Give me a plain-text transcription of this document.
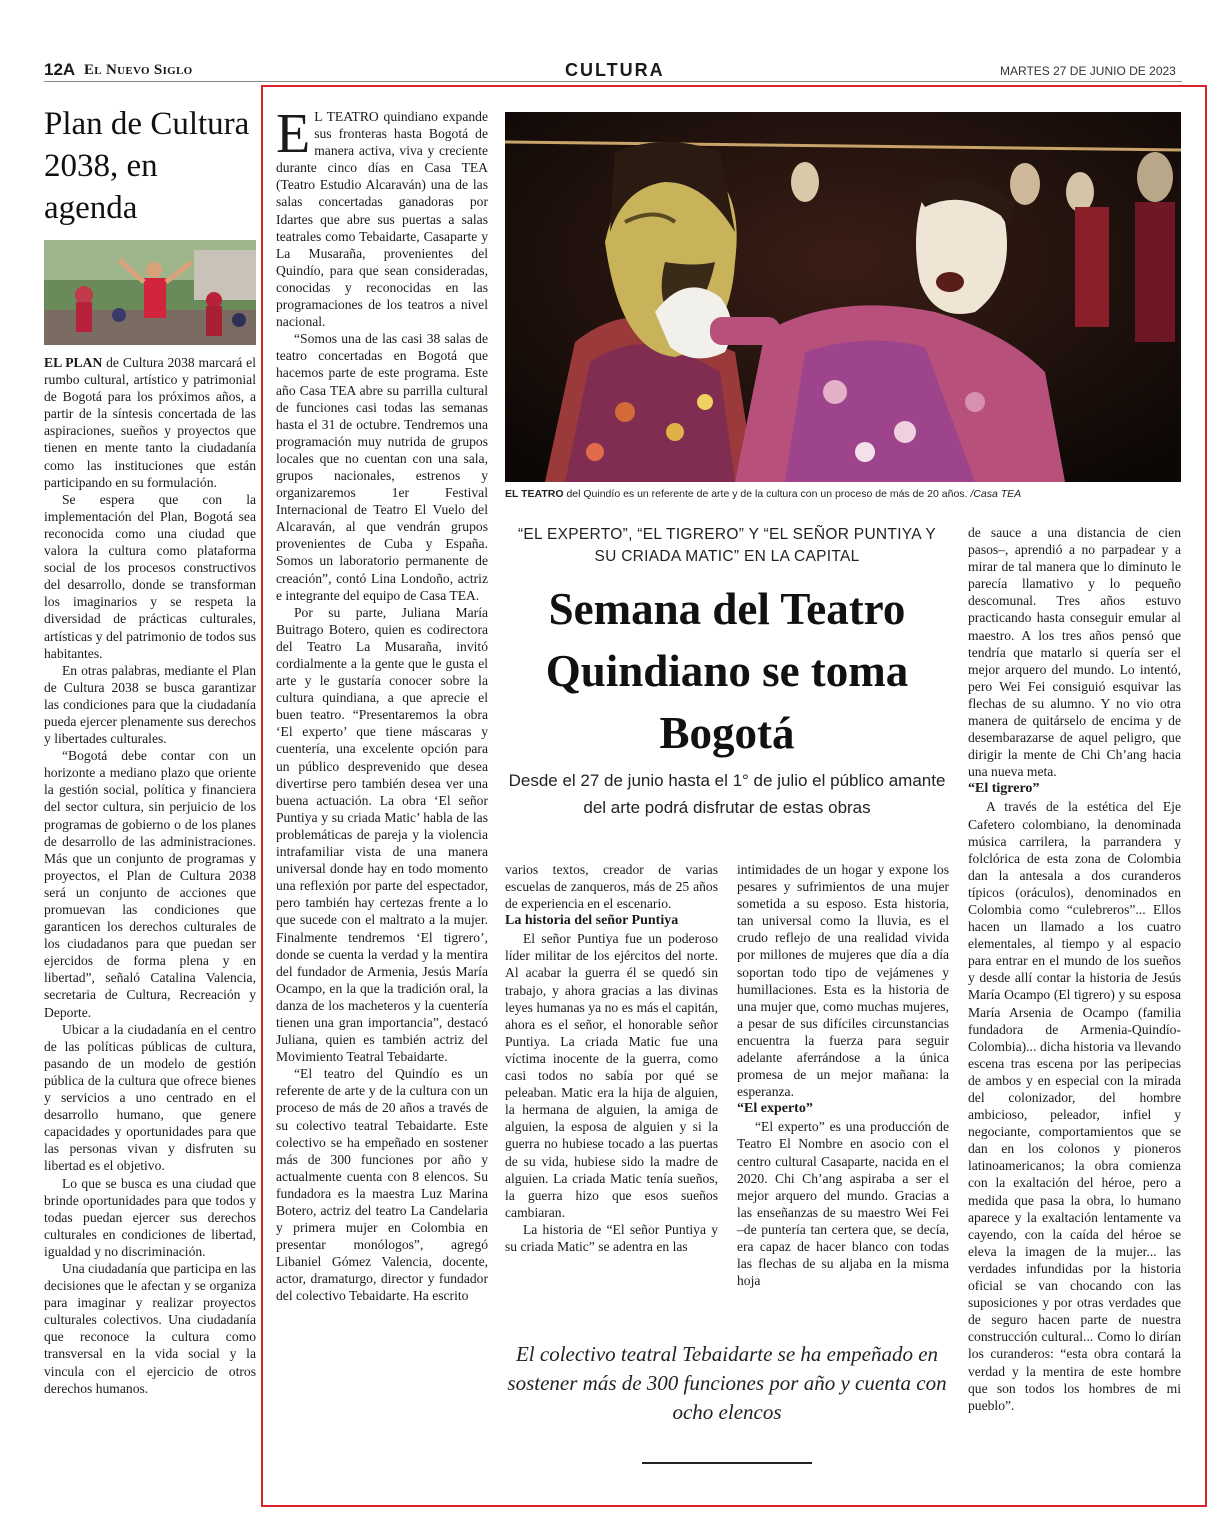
12A El Nuevo Siglo	CULTURA	MARTES 27 DE JUNIO DE 2023
Plan de Cultura 2038, en agenda

EL PLAN de Cultura 2038 marcará el rumbo cultural, artístico y patrimonial de Bogotá para los próximos años, a partir de la síntesis concertada de las aspiraciones, sueños y proyectos que tienen en mente tanto la ciudadanía como las instituciones que están participando en su formulación.

Se espera que con la implementación del Plan, Bogotá sea reconocida como una ciudad que valora la cultura como plataforma social de los procesos constructivos del desarrollo, donde se transforman los imaginarios y se respeta la diversidad de prácticas culturales, artísticas y del patrimonio de todos sus habitantes.

En otras palabras, mediante el Plan de Cultura 2038 se busca garantizar las condiciones para que la ciudadanía pueda ejercer plenamente sus derechos y libertades culturales.

“Bogotá debe contar con un horizonte a mediano plazo que oriente la gestión social, política y financiera del sector cultura, sin perjuicio de los programas de gobierno o de los planes de desarrollo de las administraciones. Más que un conjunto de programas y proyectos, el Plan de Cultura 2038 será un conjunto de acciones que promuevan las condiciones que garanticen los derechos culturales de los ciudadanos para que puedan ser ejercidos de forma plena y en libertad”, señaló Catalina Valencia, secretaria de Cultura, Recreación y Deporte.

Ubicar a la ciudadanía en el centro de las políticas públicas de cultura, pasando de un modelo de gestión pública de la cultura que ofrece bienes y servicios a uno centrado en el desarrollo humano, que genere capacidades y oportunidades para que las personas vivan y disfruten su libertad es el objetivo.

Lo que se busca es una ciudad que brinde oportunidades para que todos y todas puedan ejercer sus derechos culturales en condiciones de libertad, igualdad y no discriminación.

Una ciudadanía que participa en las decisiones que le afectan y se organiza para imaginar y realizar proyectos culturales colectivos. Una ciudadanía que reconoce la cultura como transversal en la vida social y la vincula con el ejercicio de otros derechos humanos.

E L TEATRO quindiano expande sus fronteras hasta Bogotá de manera activa, viva y creciente durante cinco días en Casa TEA (Teatro Estudio Alcaraván) una de las salas concertadas ganadoras por Idartes que abre sus puertas a salas teatrales como Tebaidarte, Casaparte y La Musaraña, provenientes del Quindío, para que sean consideradas, conocidas y reconocidas en las programaciones de los teatros a nivel nacional.

“Somos una de las casi 38 salas de teatro concertadas en Bogotá que hacemos parte de este programa. Este año Casa TEA abre su parrilla cultural de funciones casi todas las semanas hasta el 31 de octubre. Tendremos una programación muy nutrida de grupos locales que no cuentan con una sala, grupos nacionales, estrenos y organizaremos 1er Festival Internacional de Teatro El Vuelo del Alcaraván, al que vendrán grupos provenientes de Cuba y España. Somos un laboratorio permanente de creación”, contó Lina Londoño, actriz e integrante del equipo de Casa TEA.

Por su parte, Juliana María Buitrago Botero, quien es codirectora del Teatro La Musaraña, invitó cordialmente a la gente que le gusta el arte y le gustaría conocer sobre la cultura quindiana, a que aprecie el buen teatro. “Presentaremos la obra ‘El experto’ que tiene máscaras y cuentería, una excelente opción para un público desprevenido que desea divertirse pero también desea ver una buena actuación. La obra ‘El señor Puntiya y su criada Matic’ habla de las problemáticas de pareja y la violencia intrafamiliar vista de una manera universal donde hay en todo momento una reflexión por parte del espectador, pero también hay certezas frente a lo que sucede con el maltrato a la mujer. Finalmente tendremos ‘El tigrero’, donde se cuenta la verdad y la mentira del fundador de Armenia, Jesús María Ocampo, en la que la tradición oral, la danza de los macheteros y la cuentería tienen una gran importancia”, destacó Juliana, quien es también actriz del Movimiento Teatral Tebaidarte.

“El teatro del Quindío es un referente de arte y de la cultura con un proceso de más de 20 años a través de su colectivo teatral Tebaidarte. Este colectivo se ha empeñado en sostener más de 300 funciones por año y actualmente cuenta con 8 elencos. Su fundadora es la maestra Luz Marina Botero, actriz del teatro La Candelaria y primera mujer en Colombia en presentar monólogos”, agregó Libaniel Gómez Valencia, docente, actor, dramaturgo, director y fundador del colectivo Tebaidarte. Ha escrito

EL TEATRO del Quindío es un referente de arte y de la cultura con un proceso de más de 20 años. /Casa TEA
“EL EXPERTO”, “EL TIGRERO” Y “EL SEÑOR PUNTIYA Y SU CRIADA MATIC” EN LA CAPITAL
Semana del Teatro Quindiano se toma Bogotá
Desde el 27 de junio hasta el 1° de julio el público amante del arte podrá disfrutar de estas obras

varios textos, creador de varias escuelas de zanqueros, más de 25 años de experiencia en el escenario.

La historia del señor Puntiya

El señor Puntiya fue un poderoso líder militar de los ejércitos del norte. Al acabar la guerra él se quedó sin trabajo, y ahora gracias a las divinas leyes humanas ya no es más el capitán, ahora es el señor, el honorable señor Puntiya. La criada Matic fue una víctima inocente de la guerra, como casi todos no sabía por qué se peleaban. Matic era la hija de alguien, la hermana de alguien, la amiga de alguien, la esposa de alguien y si la guerra no hubiese tocado a las puertas de su vida, hubiese sido la madre de alguien. La criada Matic tenía sueños, la guerra hizo que esos sueños cambiaran.

La historia de “El señor Puntiya y su criada Matic” se adentra en las

intimidades de un hogar y expone los pesares y sufrimientos de una mujer sometida a su esposo. Esta historia, tan universal como la lluvia, es el crudo reflejo de una realidad vivida por millones de mujeres que día a día soportan todo tipo de vejámenes y humillaciones. Esta es la historia de una mujer que, como muchas mujeres, a pesar de sus difíciles circunstancias encuentra la fuerza para seguir adelante aferrándose a la única promesa de un mejor mañana: la esperanza.

“El experto”

“El experto” es una producción de Teatro El Nombre en asocio con el centro cultural Casaparte, nacida en el 2020. Chi Ch’ang aspiraba a ser el mejor arquero del mundo. Gracias a las enseñanzas de su maestro Wei Fei –de puntería tan certera que, se decía, era capaz de hacer blanco con todas las flechas de su aljaba en la misma hoja

de sauce a una distancia de cien pasos–, aprendió a no parpadear y a mirar de tal manera que lo diminuto le parecía llamativo y lo pequeño descomunal. Tres años estuvo practicando hasta conseguir emular al maestro. A los tres años pensó que tendría que matarlo si quería ser el mejor arquero del mundo. Lo intentó, pero Wei Fei consiguió esquivar las flechas de su alumno. Y no vio otra manera de quitárselo de encima y de desembarazarse de aquel peligro, que dirigir la mente de Chi Ch’ang hacia una nueva meta.

“El tigrero”

A través de la estética del Eje Cafetero colombiano, la denominada música carrilera, la parrandera y folclórica de esta zona de Colombia dan la antesala a dos curanderos típicos (oráculos), denominados en Colombia como “culebreros”... Ellos hacen un llamado a los cuatro elementales, al tiempo y al espacio para entrar en el mundo de los sueños y desde allí contar la historia de Jesús María Ocampo (El tigrero) y su esposa María Arsenia de Ocampo (familia fundadora de Armenia-Quindío-Colombia)... dicha historia va llevando escena tras escena por las peripecias de ambos y en especial con la mirada del colonizador, del hombre ambicioso, peleador, infiel y negociante, comportamientos que se dan en los colonos y pioneros latinoamericanos; la obra comienza con la exaltación del héroe, pero a medida que pasa la obra, lo humano aparece y la exaltación lentamente va cayendo, con la caída del héroe se eleva la imagen de la mujer... las verdades infundidas por la historia oficial se van chocando con las suposiciones y por otras verdades que de seguro hacen parte de nuestra construcción cultural... Como lo dirían los curanderos: “esta obra contará la verdad y la mentira de este hombre que son todos los hombres de mi pueblo”.

El colectivo teatral Tebaidarte se ha empeñado en sostener más de 300 funciones por año y cuenta con ocho elencos
